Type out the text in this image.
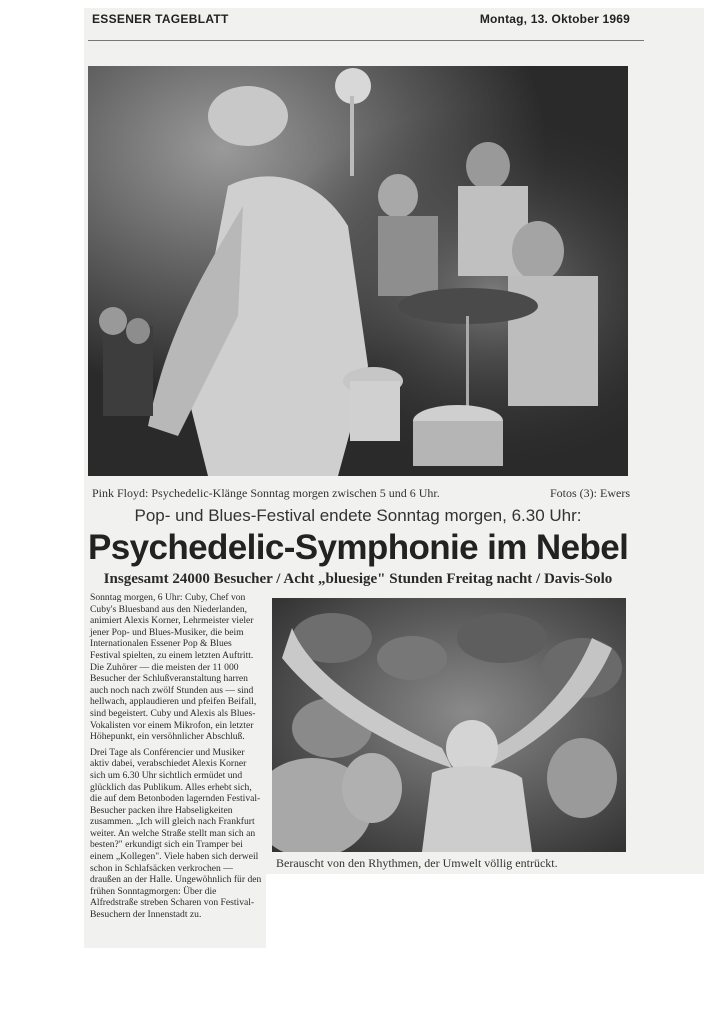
ESSENER TAGEBLATT	Montag, 13. Oktober 1969
Pink Floyd: Psychedelic-Klänge Sonntag morgen zwischen 5 und 6 Uhr.	Fotos (3): Ewers
Pop- und Blues-Festival endete Sonntag morgen, 6.30 Uhr:
Psychedelic-Symphonie im Nebel
Insgesamt 24000 Besucher / Acht „bluesige" Stunden Freitag nacht / Davis-Solo

Sonntag morgen, 6 Uhr: Cuby, Chef von Cuby's Bluesband aus den Niederlanden, animiert Alexis Korner, Lehrmeister vieler jener Pop- und Blues-Musiker, die beim Internationalen Essener Pop & Blues Festival spielten, zu einem letzten Auftritt. Die Zuhörer — die meisten der 11 000 Besucher der Schlußveranstaltung harren auch noch nach zwölf Stunden aus — sind hellwach, applaudieren und pfeifen Beifall, sind begeistert. Cuby und Alexis als Blues-Vokalisten vor einem Mikrofon, ein letzter Höhepunkt, ein versöhnlicher Abschluß.

Drei Tage als Conférencier und Musiker aktiv dabei, verabschiedet Alexis Korner sich um 6.30 Uhr sichtlich ermüdet und glücklich das Publikum. Alles erhebt sich, die auf dem Betonboden lagernden Festival-Besucher packen ihre Habseligkeiten zusammen. „Ich will gleich nach Frankfurt weiter. An welche Straße stellt man sich an besten?" erkundigt sich ein Tramper bei einem „Kollegen". Viele haben sich derweil schon in Schlafsäcken verkrochen — draußen an der Halle. Ungewöhnlich für den frühen Sonntagmorgen: Über die Alfredstraße streben Scharen von Festival-Besuchern der Innenstadt zu.

Berauscht von den Rhythmen, der Umwelt völlig entrückt.
